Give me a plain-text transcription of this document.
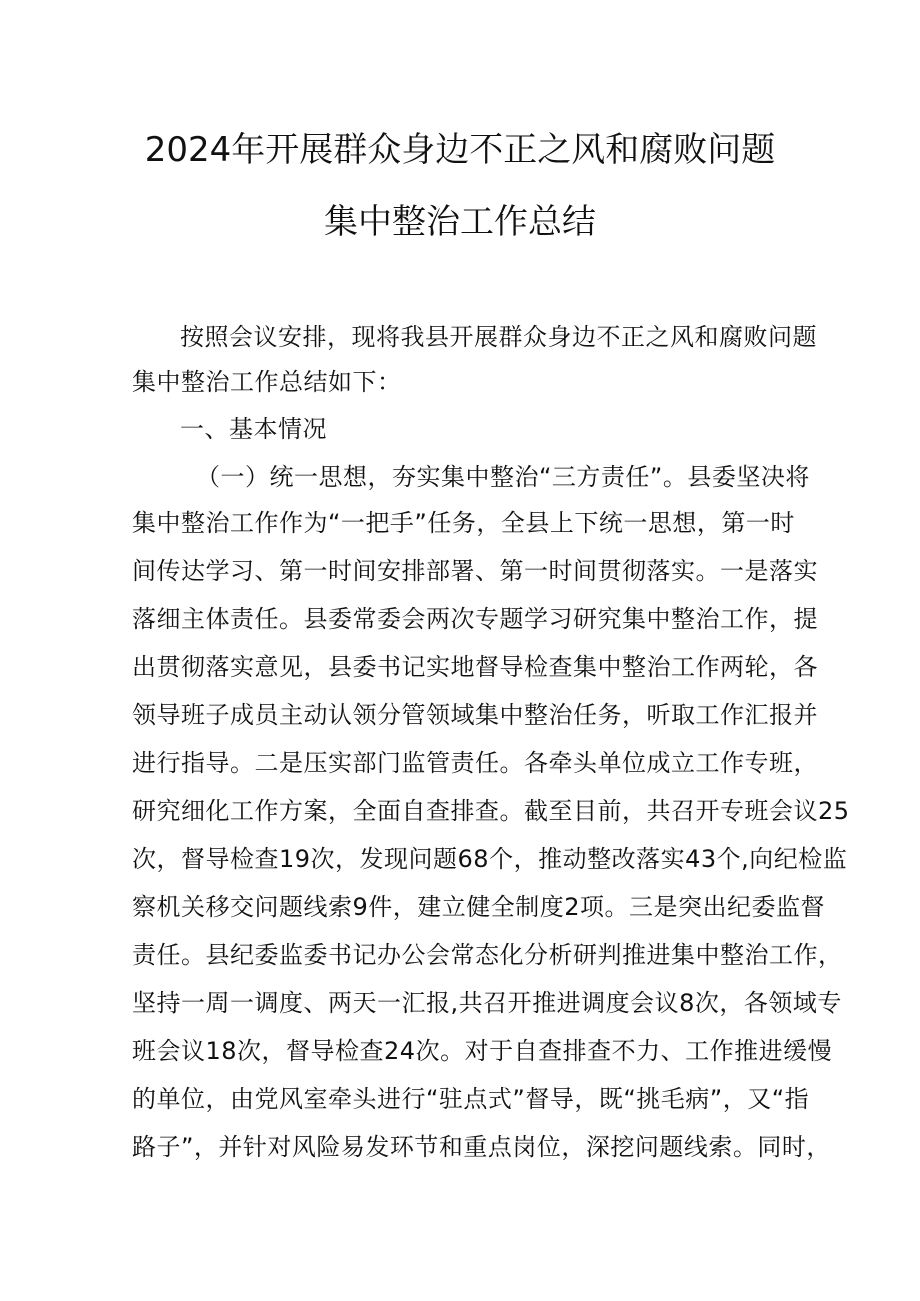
2024年开展群众身边不正之风和腐败问题
集中整治工作总结
按照会议安排，现将我县开展群众身边不正之风和腐败问题
集中整治工作总结如下：
一、基本情况
（一）统一思想，夯实集中整治“三方责任”。县委坚决将
集中整治工作作为“一把手”任务，全县上下统一思想，第一时
间传达学习、第一时间安排部署、第一时间贯彻落实。一是落实
落细主体责任。县委常委会两次专题学习研究集中整治工作，提
出贯彻落实意见，县委书记实地督导检查集中整治工作两轮，各
领导班子成员主动认领分管领域集中整治任务，听取工作汇报并
进行指导。二是压实部门监管责任。各牵头单位成立工作专班，
研究细化工作方案，全面自查排查。截至目前，共召开专班会议25
次，督导检查19次，发现问题68个，推动整改落实43个,向纪检监
察机关移交问题线索9件，建立健全制度2项。三是突出纪委监督
责任。县纪委监委书记办公会常态化分析研判推进集中整治工作，
坚持一周一调度、两天一汇报,共召开推进调度会议8次，各领域专
班会议18次，督导检查24次。对于自查排查不力、工作推进缓慢
的单位，由党风室牵头进行“驻点式”督导，既“挑毛病”，又“指
路子”，并针对风险易发环节和重点岗位，深挖问题线索。同时，
